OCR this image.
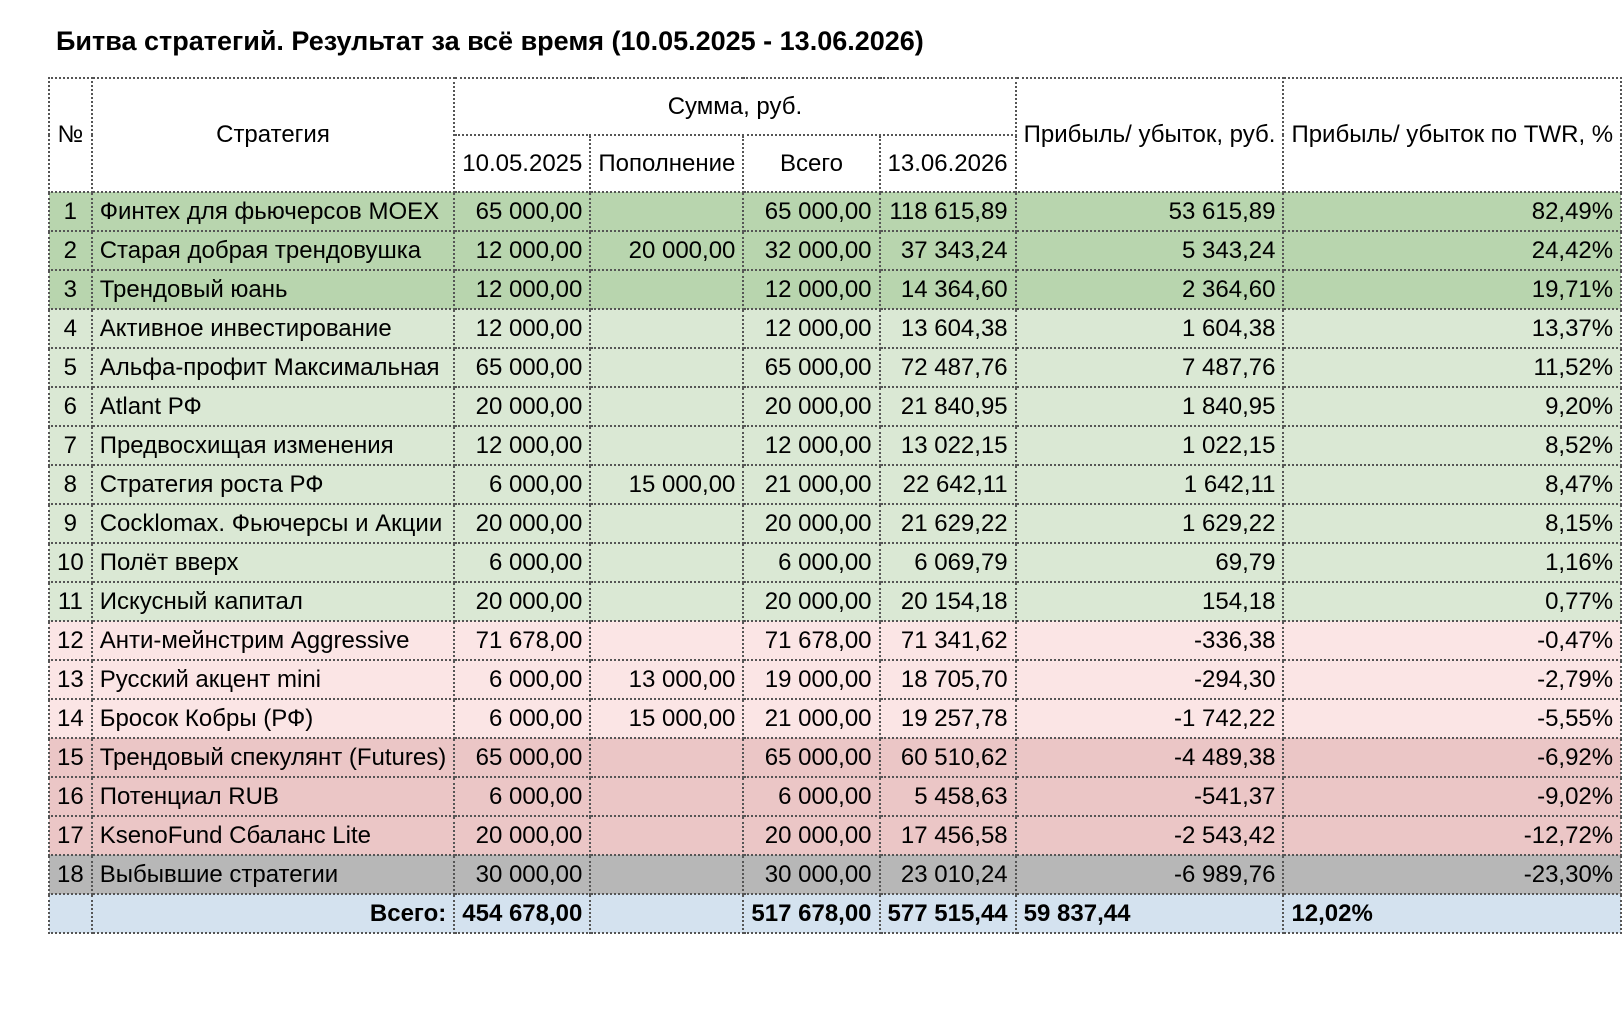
Битва стратегий. Результат за всё время (10.05.2025 - 13.06.2026)
№	Стратегия	Сумма, руб.				Прибыль/ убыток, руб.	Прибыль/ убыток по TWR, %
		10.05.2025	Пополнение	Всего	13.06.2026		
1	Финтех для фьючерсов MOEX	65 000,00		65 000,00	118 615,89	53 615,89	82,49%
2	Старая добрая трендовушка	12 000,00	20 000,00	32 000,00	37 343,24	5 343,24	24,42%
3	Трендовый юань	12 000,00		12 000,00	14 364,60	2 364,60	19,71%
4	Активное инвестирование	12 000,00		12 000,00	13 604,38	1 604,38	13,37%
5	Альфа-профит Максимальная	65 000,00		65 000,00	72 487,76	7 487,76	11,52%
6	Atlant РФ	20 000,00		20 000,00	21 840,95	1 840,95	9,20%
7	Предвосхищая изменения	12 000,00		12 000,00	13 022,15	1 022,15	8,52%
8	Стратегия роста РФ	6 000,00	15 000,00	21 000,00	22 642,11	1 642,11	8,47%
9	Cocklomax. Фьючерсы и Акции	20 000,00		20 000,00	21 629,22	1 629,22	8,15%
10	Полёт вверх	6 000,00		6 000,00	6 069,79	69,79	1,16%
11	Искусный капитал	20 000,00		20 000,00	20 154,18	154,18	0,77%
12	Анти-мейнстрим Aggressive	71 678,00		71 678,00	71 341,62	-336,38	-0,47%
13	Русский акцент mini	6 000,00	13 000,00	19 000,00	18 705,70	-294,30	-2,79%
14	Бросок Кобры (РФ)	6 000,00	15 000,00	21 000,00	19 257,78	-1 742,22	-5,55%
15	Трендовый спекулянт (Futures)	65 000,00		65 000,00	60 510,62	-4 489,38	-6,92%
16	Потенциал RUB	6 000,00		6 000,00	5 458,63	-541,37	-9,02%
17	KsenoFund Сбаланс Lite	20 000,00		20 000,00	17 456,58	-2 543,42	-12,72%
18	Выбывшие стратегии	30 000,00		30 000,00	23 010,24	-6 989,76	-23,30%
	Всего:	454 678,00		517 678,00	577 515,44	59 837,44	12,02%
